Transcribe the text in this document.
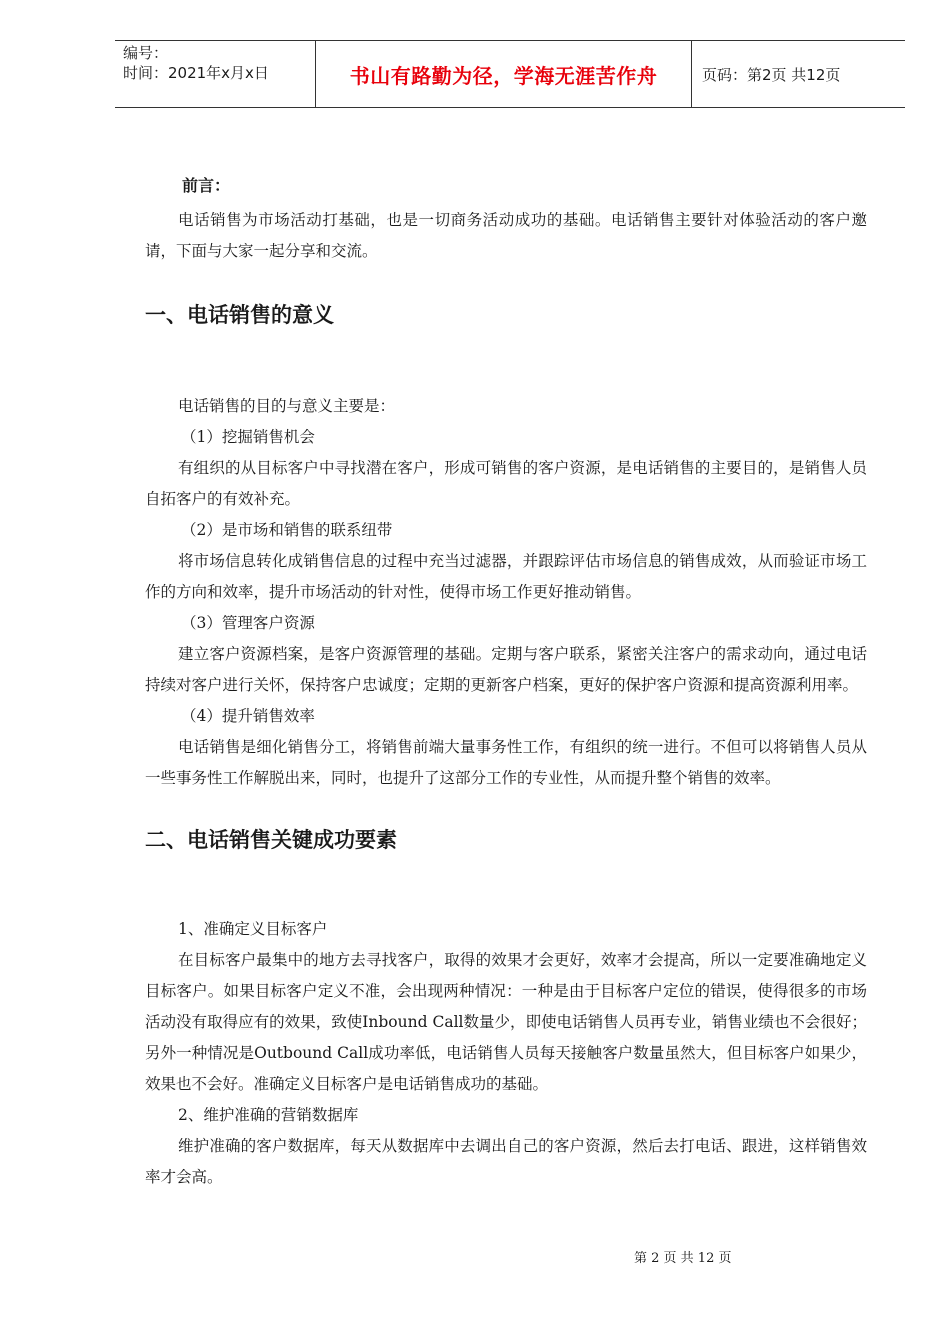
编号：
时间：2021年x月x日	书山有路勤为径，学海无涯苦作舟	页码：第2页 共12页

前言：

电话销售为市场活动打基础，也是一切商务活动成功的基础。电话销售主要针对体验活动的客户邀请，下面与大家一起分享和交流。

一、电话销售的意义

电话销售的目的与意义主要是：

（1）挖掘销售机会

有组织的从目标客户中寻找潜在客户，形成可销售的客户资源，是电话销售的主要目的，是销售人员自拓客户的有效补充。

（2）是市场和销售的联系纽带

将市场信息转化成销售信息的过程中充当过滤器，并跟踪评估市场信息的销售成效，从而验证市场工作的方向和效率，提升市场活动的针对性，使得市场工作更好推动销售。

（3）管理客户资源

建立客户资源档案，是客户资源管理的基础。定期与客户联系，紧密关注客户的需求动向，通过电话持续对客户进行关怀，保持客户忠诚度；定期的更新客户档案，更好的保护客户资源和提高资源利用率。

（4）提升销售效率

电话销售是细化销售分工，将销售前端大量事务性工作，有组织的统一进行。不但可以将销售人员从一些事务性工作解脱出来，同时，也提升了这部分工作的专业性，从而提升整个销售的效率。

二、电话销售关键成功要素

1、准确定义目标客户

在目标客户最集中的地方去寻找客户，取得的效果才会更好，效率才会提高，所以一定要准确地定义目标客户。如果目标客户定义不准，会出现两种情况：一种是由于目标客户定位的错误，使得很多的市场活动没有取得应有的效果，致使Inbound Call数量少，即使电话销售人员再专业，销售业绩也不会很好；另外一种情况是Outbound Call成功率低，电话销售人员每天接触客户数量虽然大，但目标客户如果少，效果也不会好。准确定义目标客户是电话销售成功的基础。

2、维护准确的营销数据库

维护准确的客户数据库，每天从数据库中去调出自己的客户资源，然后去打电话、跟进，这样销售效率才会高。

第 2 页 共 12 页
